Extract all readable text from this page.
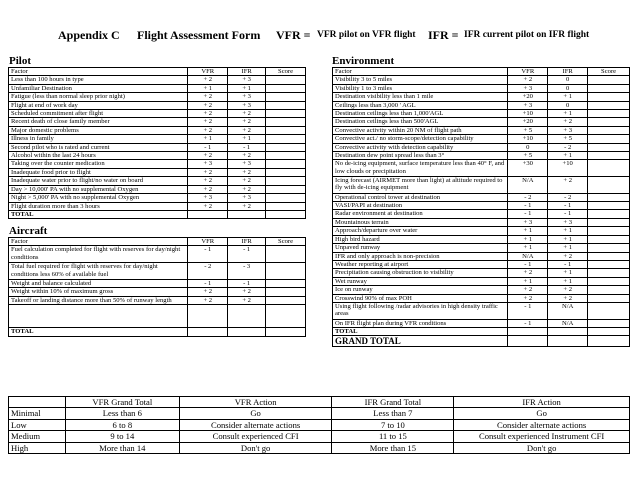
Appendix C Flight Assessment Form VFR = VFR pilot on VFR flight IFR = IFR current pilot on IFR flight
Pilot	Environment
Aircraft
Factor	VFR	IFR	Score
Less than 100 hours in type	+ 2	+ 3	
Unfamiliar Destination	+ 1	+ 1	
Fatigue (less than normal sleep prior night)	+ 2	+ 3	
Flight at end of work day	+ 2	+ 3	
Scheduled commitment after flight	+ 2	+ 2	
Recent death of close family member	+ 2	+ 2	
Major domestic problems	+ 2	+ 2	
Illness in family	+ 1	+ 1	
Second pilot who is rated and current	- 1	- 1	
Alcohol within the last 24 hours	+ 2	+ 2	
Taking over the counter medication	+ 3	+ 3	
Inadequate food prior to flight	+ 2	+ 2	
Inadequate water prior to flight/no water on board	+ 2	+ 2	
Day > 10,000' PA with no supplemental Oxygen	+ 2	+ 2	
Night > 5,000' PA with no supplemental Oxygen	+ 3	+ 3	
Flight duration more than 3 hours	+ 2	+ 2	
TOTAL			
Factor	VFR	IFR	Score
Fuel calculation completed for flight with reserves for day/night conditions	- 1	- 1	
Total fuel required for flight with reserves for day/night conditions less 60% of available fuel	- 2	- 3	
Weight and balance calculated	- 1	- 1	
Weight within 10% of maximum gross	+ 2	+ 2	
Takeoff or landing distance more than 50% of runway length	+ 2	+ 2	

TOTAL			
Factor	VFR	IFR	Score
Visibility 3 to 5 miles	+ 2	0	
Visibility 1 to 3 miles	+ 3	0	
Destination visibility less than 1 mile	+20	+ 1	
Ceilings less than 3,000 ' AGL	+ 3	0	
Destination ceilings less than 1,000'AGL	+10	+ 1	
Destination ceilings less than 500'AGL	+20	+ 2	
Convective activity within 20 NM of flight path	+ 5	+ 3	
Convective act./ no storm-scope/detection capability	+10	+ 5	
Convective activity with detection capability	0	- 2	
Destination dew point spread less than 3°	+ 5	+ 1	
No de-icing equipment, surface temperature less than 40° F, and low clouds or precipitation	+30	+10	
Icing forecast (AIRMET more than light) at altitude required to fly with de-icing equipment	N/A	+ 2	
Operational control tower at destination	- 2	- 2	
VASI/PAPI at destination	- 1	- 1	
Radar environment at destination	- 1	- 1	
Mountainous terrain	+ 3	+ 3	
Approach/departure over water	+ 1	+ 1	
High bird hazard	+ 1	+ 1	
Unpaved runway	+ 1	+ 1	
IFR and only approach is non-precision	N/A	+ 2	
Weather reporting at airport	- 1	- 1	
Precipitation causing obstruction to visibility	+ 2	+ 1	
Wet runway	+ 1	+ 1	
Ice on runway	+ 2	+ 2	
Crosswind 90% of max POH	+ 2	+ 2	
Using flight following /radar advisories in high density traffic areas	- 1	N/A	
On IFR flight plan during VFR conditions	- 1	N/A	
TOTAL			
GRAND TOTAL			
	VFR Grand Total	VFR Action	IFR Grand Total	IFR Action
Minimal	Less than 6	Go	Less than 7	Go
Low	6 to 8	Consider alternate actions	7 to 10	Consider alternate actions
Medium	9 to 14	Consult experienced CFI	11 to 15	Consult experienced Instrument CFI
High	More than 14	Don't go	More than 15	Don't go
